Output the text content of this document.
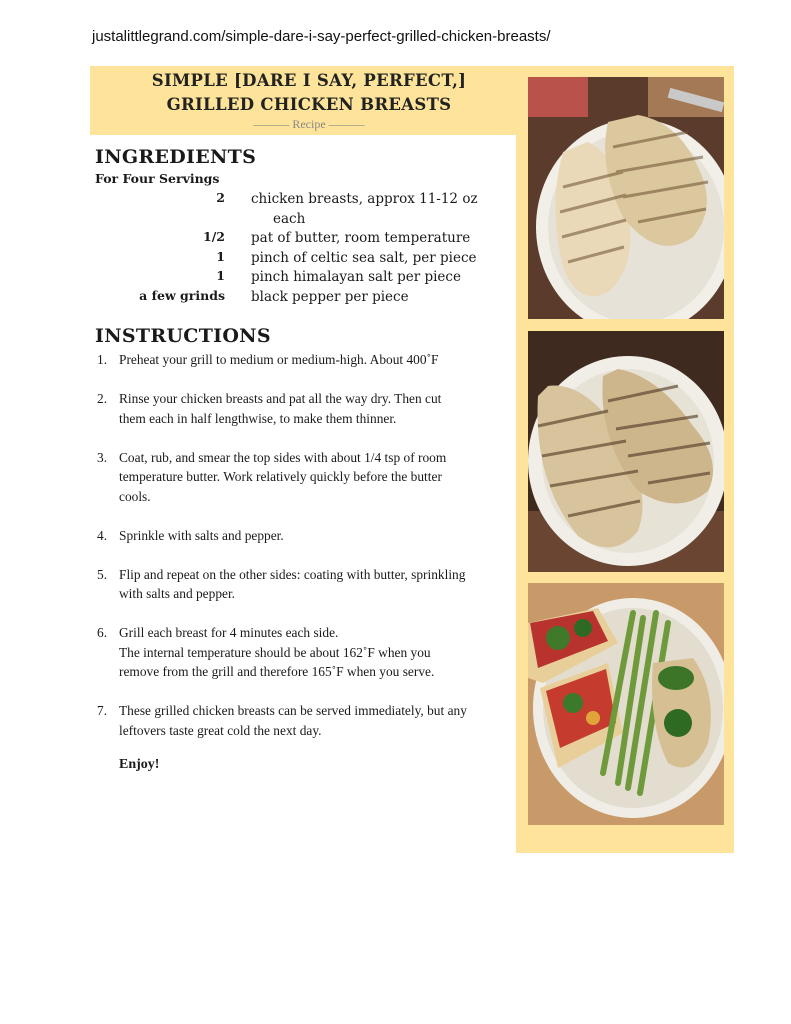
justalittlegrand.com/simple-dare-i-say-perfect-grilled-chicken-breasts/
SIMPLE [DARE I SAY, PERFECT,]
GRILLED CHICKEN BREASTS
——— Recipe ———
INGREDIENTS
For Four Servings
2 chicken breasts, approx 11-12 oz
each
1/2 pat of butter, room temperature
1 pinch of celtic sea salt, per piece
1 pinch himalayan salt per piece
a few grinds black pepper per piece
INSTRUCTIONS
1. Preheat your grill to medium or medium-high. About 400˚F
2. Rinse your chicken breasts and pat all the way dry. Then cut
them each in half lengthwise, to make them thinner.
3. Coat, rub, and smear the top sides with about 1/4 tsp of room
temperature butter. Work relatively quickly before the butter
cools.
4. Sprinkle with salts and pepper.
5. Flip and repeat on the other sides: coating with butter, sprinkling
with salts and pepper.
6. Grill each breast for 4 minutes each side.
The internal temperature should be about 162˚F when you
remove from the grill and therefore 165˚F when you serve.
7. These grilled chicken breasts can be served immediately, but any
leftovers taste great cold the next day.
Enjoy!
